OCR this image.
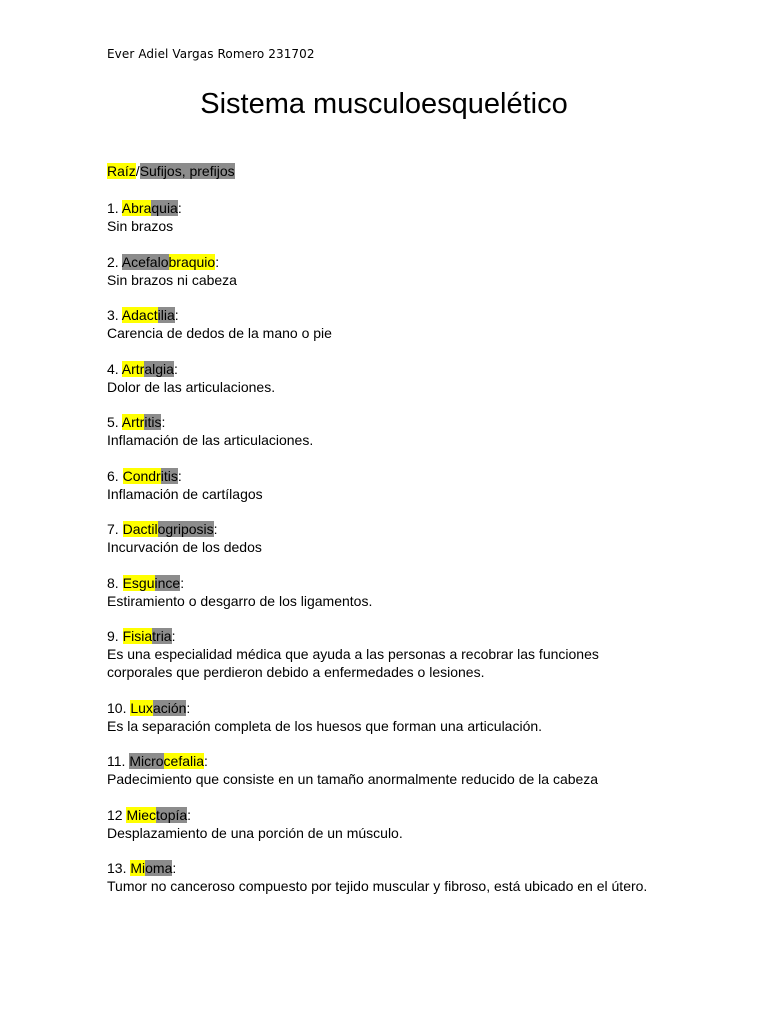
Ever Adiel Vargas Romero 231702
Sistema musculoesquelético
Raíz/Sufijos, prefijos
1. Abraquia:
Sin brazos
2. Acefalobraquio:
Sin brazos ni cabeza
3. Adactilia:
Carencia de dedos de la mano o pie
4. Artralgia:
Dolor de las articulaciones.
5. Artritis:
Inflamación de las articulaciones.
6. Condritis:
Inflamación de cartílagos
7. Dactilogriposis:
Incurvación de los dedos
8. Esguince:
Estiramiento o desgarro de los ligamentos.
9. Fisiatria:
Es una especialidad médica que ayuda a las personas a recobrar las funciones corporales que perdieron debido a enfermedades o lesiones.
10. Luxación:
Es la separación completa de los huesos que forman una articulación.
11. Microcefalia:
Padecimiento que consiste en un tamaño anormalmente reducido de la cabeza
12 Miectopía:
Desplazamiento de una porción de un músculo.
13. Mioma:
Tumor no canceroso compuesto por tejido muscular y fibroso, está ubicado en el útero.
